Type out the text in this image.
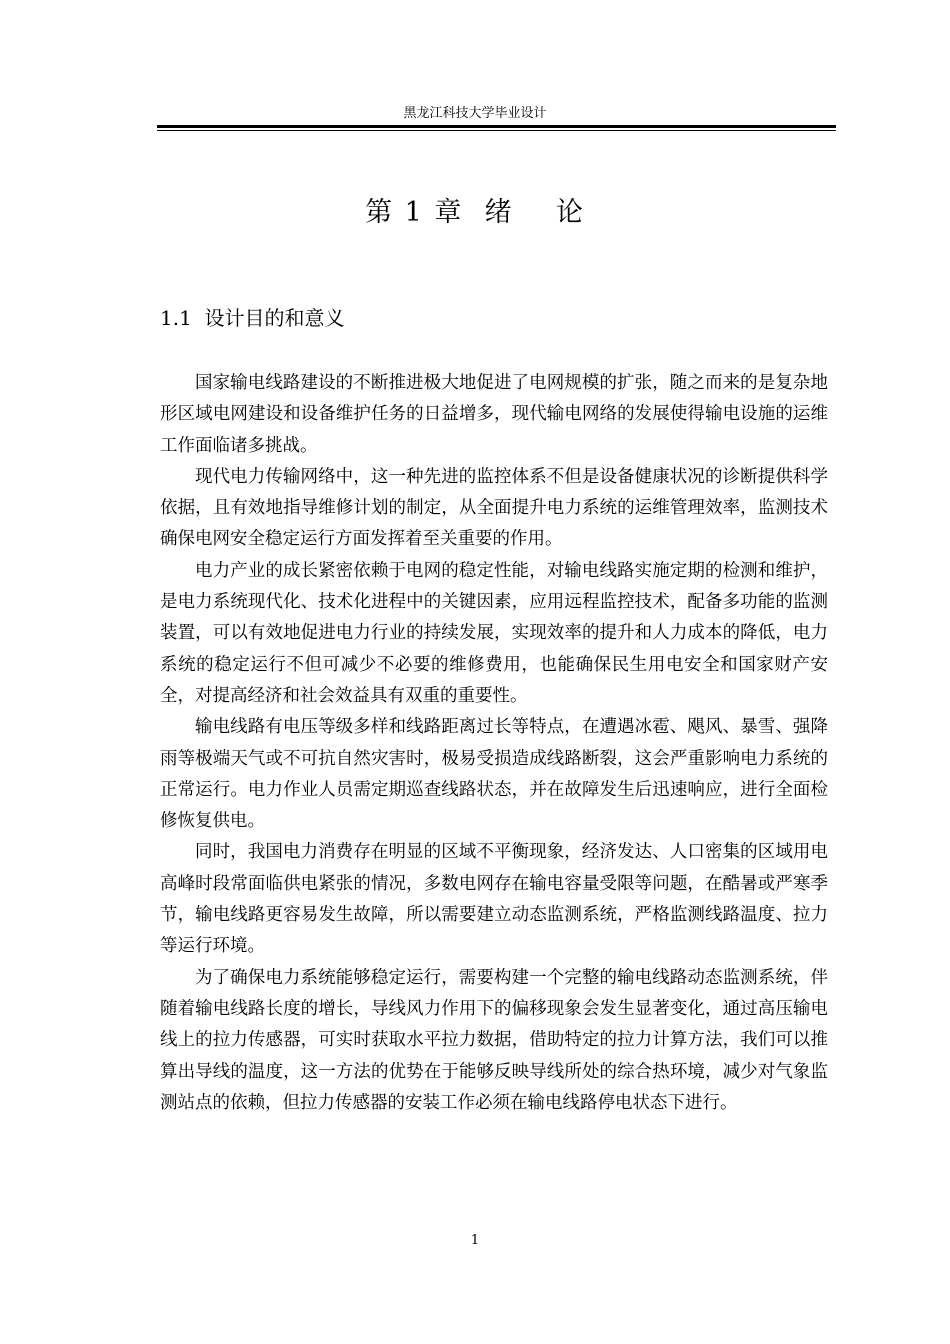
黑龙江科技大学毕业设计
第 1 章  绪    论
1.1  设计目的和意义

国家输电线路建设的不断推进极大地促进了电网规模的扩张，随之而来的是复杂地形区域电网建设和设备维护任务的日益增多，现代输电网络的发展使得输电设施的运维工作面临诸多挑战。

现代电力传输网络中，这一种先进的监控体系不但是设备健康状况的诊断提供科学依据，且有效地指导维修计划的制定，从全面提升电力系统的运维管理效率，监测技术确保电网安全稳定运行方面发挥着至关重要的作用。

电力产业的成长紧密依赖于电网的稳定性能，对输电线路实施定期的检测和维护，是电力系统现代化、技术化进程中的关键因素，应用远程监控技术，配备多功能的监测装置，可以有效地促进电力行业的持续发展，实现效率的提升和人力成本的降低，电力系统的稳定运行不但可减少不必要的维修费用，也能确保民生用电安全和国家财产安全，对提高经济和社会效益具有双重的重要性。

输电线路有电压等级多样和线路距离过长等特点，在遭遇冰雹、飓风、暴雪、强降雨等极端天气或不可抗自然灾害时，极易受损造成线路断裂，这会严重影响电力系统的正常运行。电力作业人员需定期巡查线路状态，并在故障发生后迅速响应，进行全面检修恢复供电。

同时，我国电力消费存在明显的区域不平衡现象，经济发达、人口密集的区域用电高峰时段常面临供电紧张的情况，多数电网存在输电容量受限等问题，在酷暑或严寒季节，输电线路更容易发生故障，所以需要建立动态监测系统，严格监测线路温度、拉力等运行环境。

为了确保电力系统能够稳定运行，需要构建一个完整的输电线路动态监测系统，伴随着输电线路长度的增长，导线风力作用下的偏移现象会发生显著变化，通过高压输电线上的拉力传感器，可实时获取水平拉力数据，借助特定的拉力计算方法，我们可以推算出导线的温度，这一方法的优势在于能够反映导线所处的综合热环境，减少对气象监测站点的依赖，但拉力传感器的安装工作必须在输电线路停电状态下进行。

1
